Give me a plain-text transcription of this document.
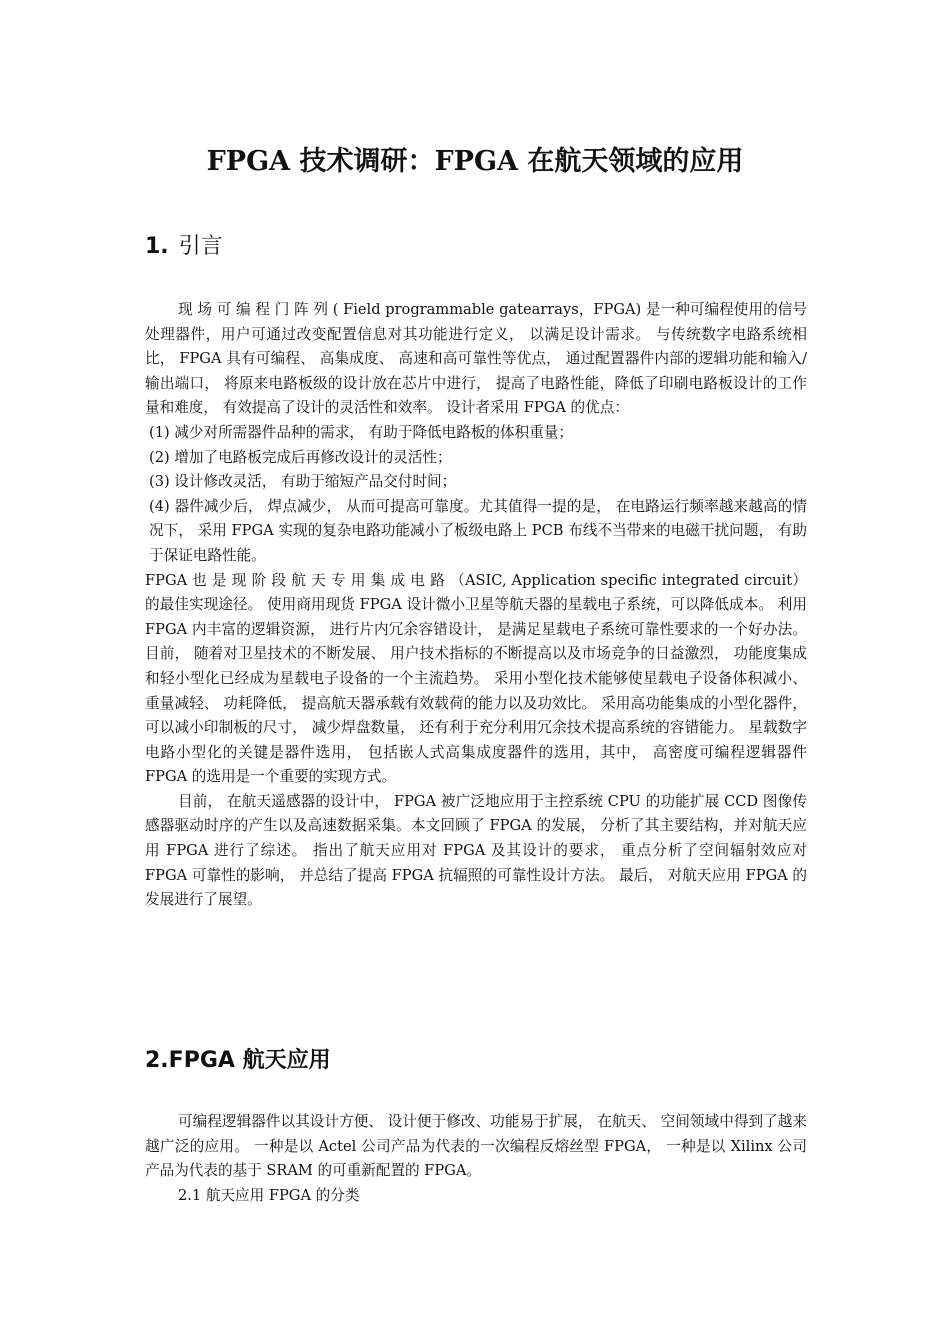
FPGA 技术调研：FPGA 在航天领域的应用
1. 引言

现 场 可 编 程 门 阵 列 ( Field programmable gatearrays，FPGA) 是一种可编程使用的信号处理器件，用户可通过改变配置信息对其功能进行定义， 以满足设计需求。 与传统数字电路系统相比， FPGA 具有可编程、 高集成度、 高速和高可靠性等优点， 通过配置器件内部的逻辑功能和输入/输出端口， 将原来电路板级的设计放在芯片中进行， 提高了电路性能，降低了印刷电路板设计的工作量和难度， 有效提高了设计的灵活性和效率。 设计者采用 FPGA 的优点：

(1) 减少对所需器件品种的需求， 有助于降低电路板的体积重量；

(2) 增加了电路板完成后再修改设计的灵活性；

(3) 设计修改灵活， 有助于缩短产品交付时间；

(4) 器件减少后， 焊点减少， 从而可提高可靠度。尤其值得一提的是， 在电路运行频率越来越高的情况下， 采用 FPGA 实现的复杂电路功能减小了板级电路上 PCB 布线不当带来的电磁干扰问题， 有助于保证电路性能。

FPGA 也 是 现 阶 段 航 天 专 用 集 成 电 路 （ASIC, Application specific integrated circuit） 的最佳实现途径。 使用商用现货 FPGA 设计微小卫星等航天器的星载电子系统，可以降低成本。 利用 FPGA 内丰富的逻辑资源， 进行片内冗余容错设计， 是满足星载电子系统可靠性要求的一个好办法。目前， 随着对卫星技术的不断发展、 用户技术指标的不断提高以及市场竞争的日益激烈， 功能度集成和轻小型化已经成为星载电子设备的一个主流趋势。 采用小型化技术能够使星载电子设备体积减小、 重量减轻、 功耗降低， 提高航天器承载有效载荷的能力以及功效比。 采用高功能集成的小型化器件， 可以减小印制板的尺寸， 减少焊盘数量， 还有利于充分利用冗余技术提高系统的容错能力。 星载数字电路小型化的关键是器件选用， 包括嵌人式高集成度器件的选用，其中， 高密度可编程逻辑器件 FPGA 的选用是一个重要的实现方式。

目前， 在航天遥感器的设计中， FPGA 被广泛地应用于主控系统 CPU 的功能扩展 CCD 图像传感器驱动时序的产生以及高速数据采集。本文回顾了 FPGA 的发展， 分析了其主要结构，并对航天应用 FPGA 进行了综述。 指出了航天应用对 FPGA 及其设计的要求， 重点分析了空间辐射效应对 FPGA 可靠性的影响， 并总结了提高 FPGA 抗辐照的可靠性设计方法。 最后， 对航天应用 FPGA 的发展进行了展望。

2.FPGA 航天应用

可编程逻辑器件以其设计方便、 设计便于修改、功能易于扩展， 在航天、 空间领域中得到了越来越广泛的应用。 一种是以 Actel 公司产品为代表的一次编程反熔丝型 FPGA， 一种是以 Xilinx 公司产品为代表的基于 SRAM 的可重新配置的 FPGA。

2.1 航天应用 FPGA 的分类
